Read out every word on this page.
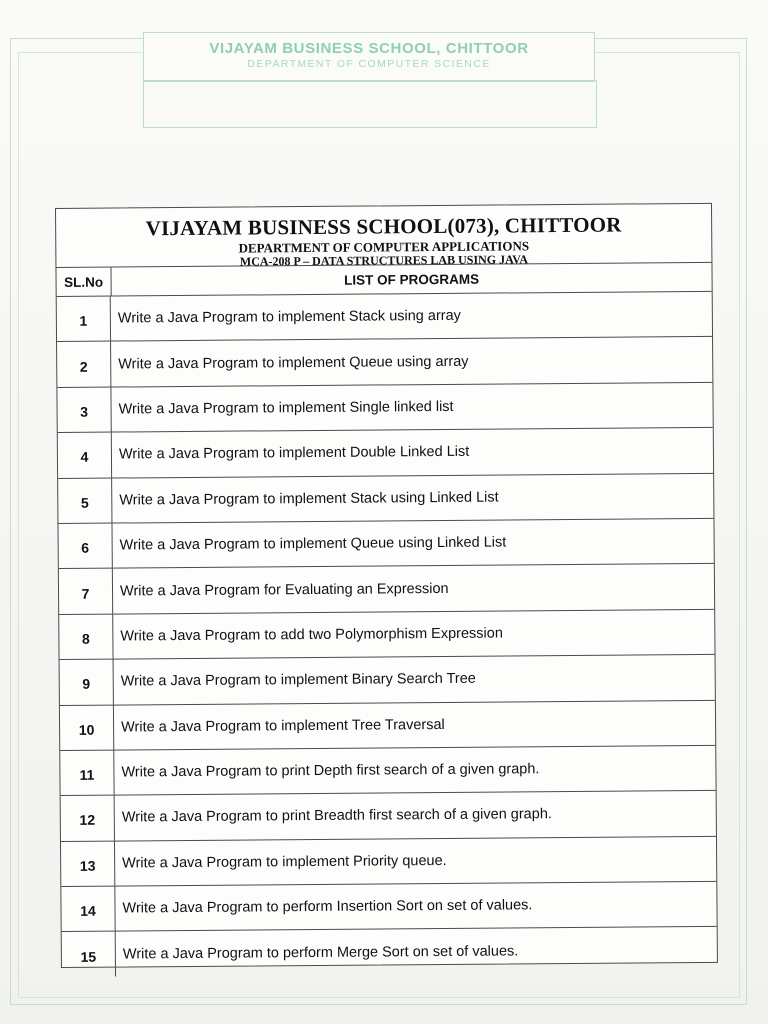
VIJAYAM BUSINESS SCHOOL, CHITTOOR
DEPARTMENT OF COMPUTER SCIENCE
VIJAYAM BUSINESS SCHOOL(073), CHITTOOR
DEPARTMENT OF COMPUTER APPLICATIONS
MCA-208 P – DATA STRUCTURES LAB USING JAVA
SL.No	LIST OF PROGRAMS
1	Write a Java Program to implement Stack using array
2	Write a Java Program to implement Queue using array
3	Write a Java Program to implement Single linked list
4	Write a Java Program to implement Double Linked List
5	Write a Java Program to implement Stack using Linked List
6	Write a Java Program to implement Queue using Linked List
7	Write a Java Program for Evaluating an Expression
8	Write a Java Program to add two Polymorphism Expression
9	Write a Java Program to implement Binary Search Tree
10	Write a Java Program to implement Tree Traversal
11	Write a Java Program to print Depth first search of a given graph.
12	Write a Java Program to print Breadth first search of a given graph.
13	Write a Java Program to implement Priority queue.
14	Write a Java Program to perform Insertion Sort on set of values.
15	Write a Java Program to perform Merge Sort on set of values.
